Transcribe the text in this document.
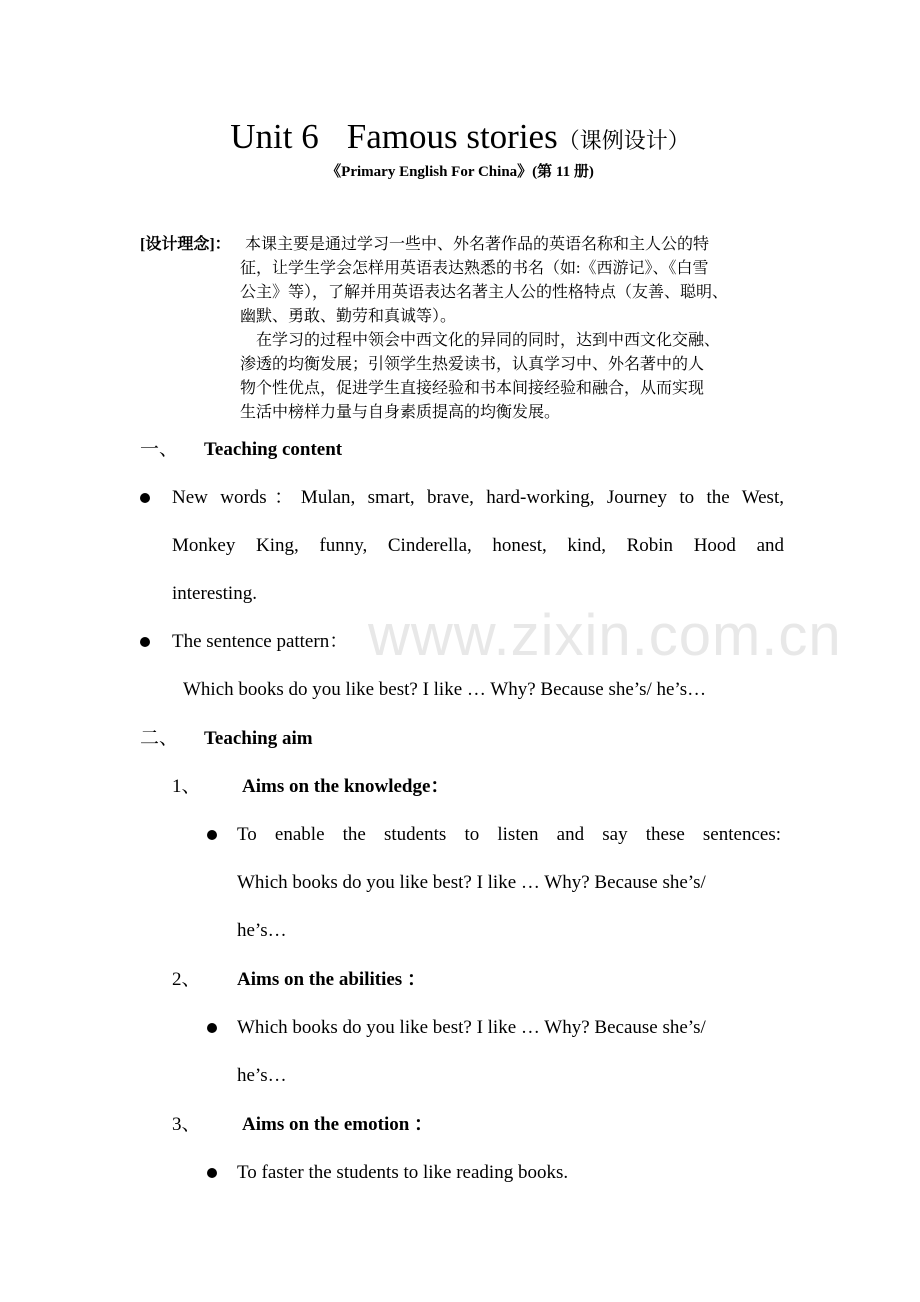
Unit 6 Famous stories（课例设计）
《Primary English For China》(第 11 册)
[设计理念]： 本课主要是通过学习一些中、外名著作品的英语名称和主人公的特
征，让学生学会怎样用英语表达熟悉的书名（如:《西游记》、《白雪
公主》等），了解并用英语表达名著主人公的性格特点（友善、聪明、
幽默、勇敢、勤劳和真诚等）。
　在学习的过程中领会中西文化的异同的同时，达到中西文化交融、
渗透的均衡发展；引领学生热爱读书，认真学习中、外名著中的人
物个性优点，促进学生直接经验和书本间接经验和融合，从而实现
生活中榜样力量与自身素质提高的均衡发展。
一、 Teaching content
New words：Mulan, smart, brave, hard-working, Journey to the West,
Monkey King, funny, Cinderella, honest, kind, Robin Hood and
interesting.
The sentence pattern：
Which books do you like best? I like … Why? Because she’s/ he’s…
二、 Teaching aim
1、 Aims on the knowledge：
To enable the students to listen and say these sentences:
Which books do you like best? I like … Why? Because she’s/
he’s…
2、 Aims on the abilities ：
Which books do you like best? I like … Why? Because she’s/
he’s…
3、 Aims on the emotion ：
To faster the students to like reading books.
www.zixin.com.cn
